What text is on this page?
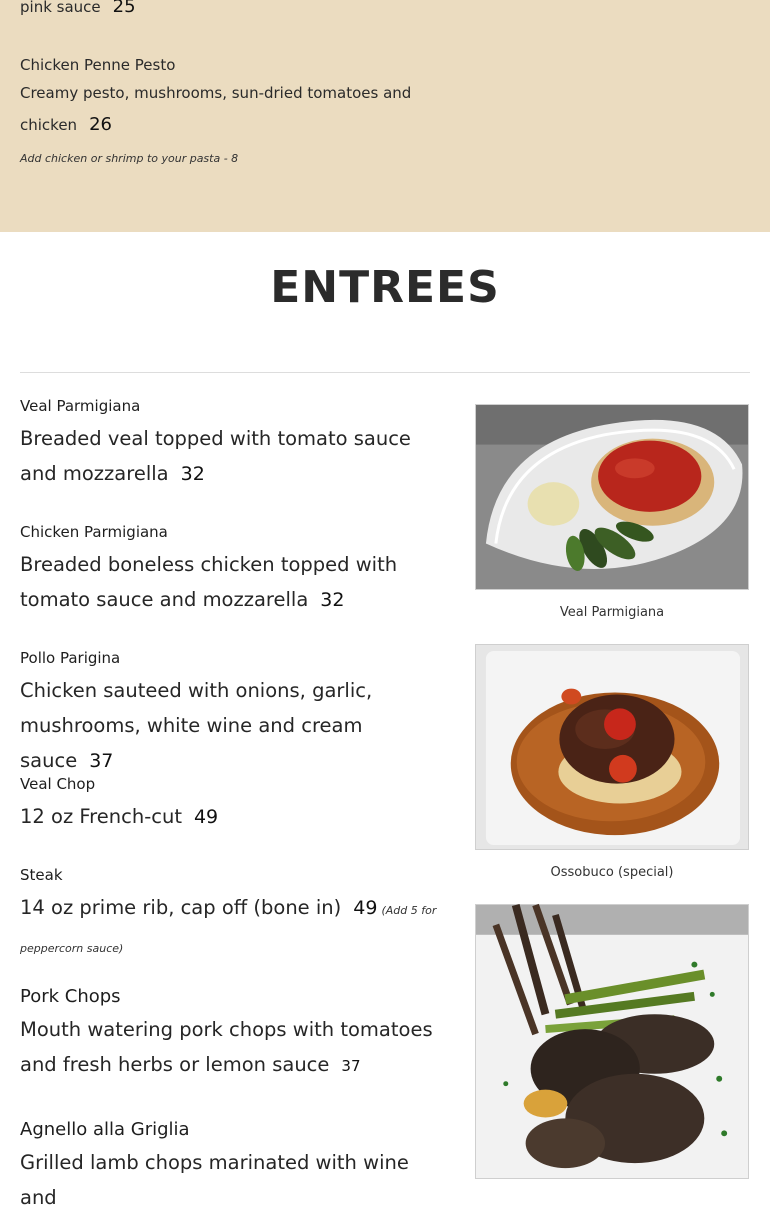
pink sauce 25
Chicken Penne Pesto
Creamy pesto, mushrooms, sun-dried tomatoes and
chicken 26
Add chicken or shrimp to your pasta - 8
ENTREES
Veal Parmigiana
Breaded veal topped with tomato sauce and mozzarella 32
Chicken Parmigiana
Breaded boneless chicken topped with tomato sauce and mozzarella 32
Pollo Parigina
Chicken sauteed with onions, garlic, mushrooms, white wine and cream sauce 37
Veal Chop
12 oz French-cut 49
Steak
14 oz prime rib, cap off (bone in) 49 (Add 5 for peppercorn sauce)
Pork Chops
Mouth watering pork chops with tomatoes and fresh herbs or lemon sauce 37
Agnello alla Griglia
Grilled lamb chops marinated with wine and
Veal Parmigiana
Ossobuco (special)
